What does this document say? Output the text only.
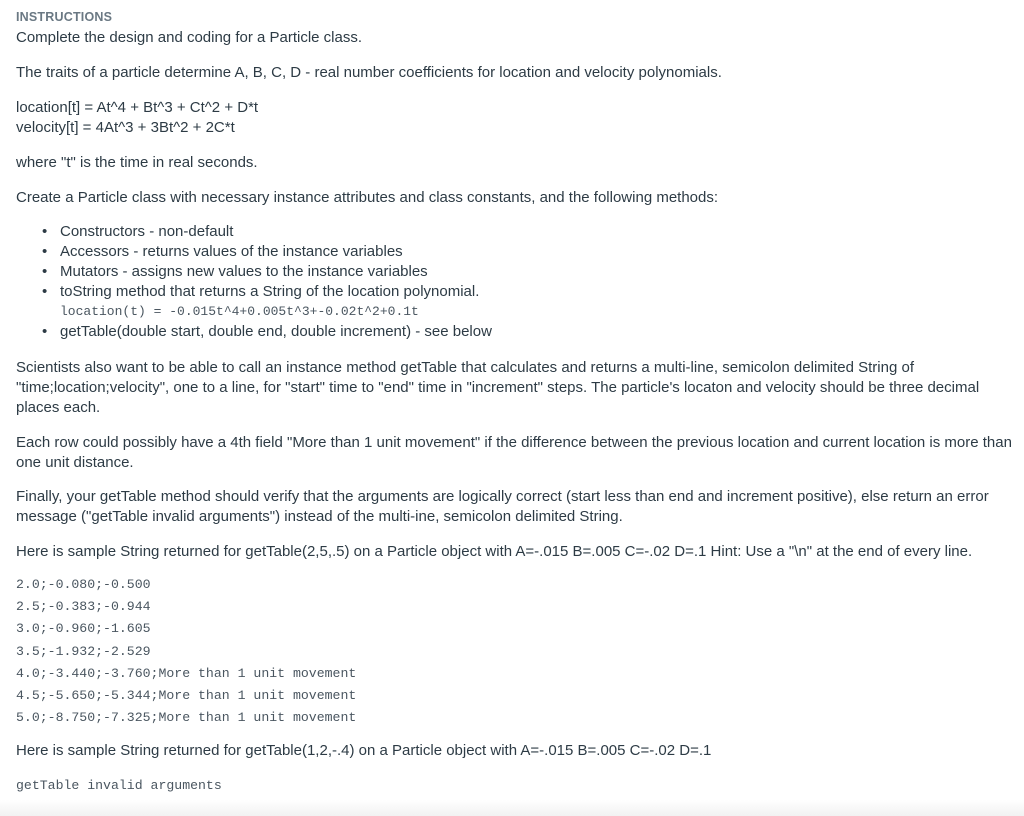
INSTRUCTIONS

Complete the design and coding for a Particle class.

The traits of a particle determine A, B, C, D - real number coefficients for location and velocity polynomials.

location[t] = At^4 + Bt^3 + Ct^2 + D*t
velocity[t] = 4At^3 + 3Bt^2 + 2C*t

where "t" is the time in real seconds.

Create a Particle class with necessary instance attributes and class constants, and the following methods:

• Constructors - non-default
• Accessors - returns values of the instance variables
• Mutators - assigns new values to the instance variables
• toString method that returns a String of the location polynomial.
location(t) = -0.015t^4+0.005t^3+-0.02t^2+0.1t
• getTable(double start, double end, double increment) - see below

Scientists also want to be able to call an instance method getTable that calculates and returns a multi-line, semicolon delimited String of "time;location;velocity", one to a line, for "start" time to "end" time in "increment" steps. The particle's locaton and velocity should be three decimal places each.

Each row could possibly have a 4th field "More than 1 unit movement" if the difference between the previous location and current location is more than one unit distance.

Finally, your getTable method should verify that the arguments are logically correct (start less than end and increment positive), else return an error message ("getTable invalid arguments") instead of the multi-ine, semicolon delimited String.

Here is sample String returned for getTable(2,5,.5) on a Particle object with A=-.015 B=.005 C=-.02 D=.1 Hint: Use a "\n" at the end of every line.

2.0;-0.080;-0.500
2.5;-0.383;-0.944
3.0;-0.960;-1.605
3.5;-1.932;-2.529
4.0;-3.440;-3.760;More than 1 unit movement
4.5;-5.650;-5.344;More than 1 unit movement
5.0;-8.750;-7.325;More than 1 unit movement

Here is sample String returned for getTable(1,2,-.4) on a Particle object with A=-.015 B=.005 C=-.02 D=.1

getTable invalid arguments
